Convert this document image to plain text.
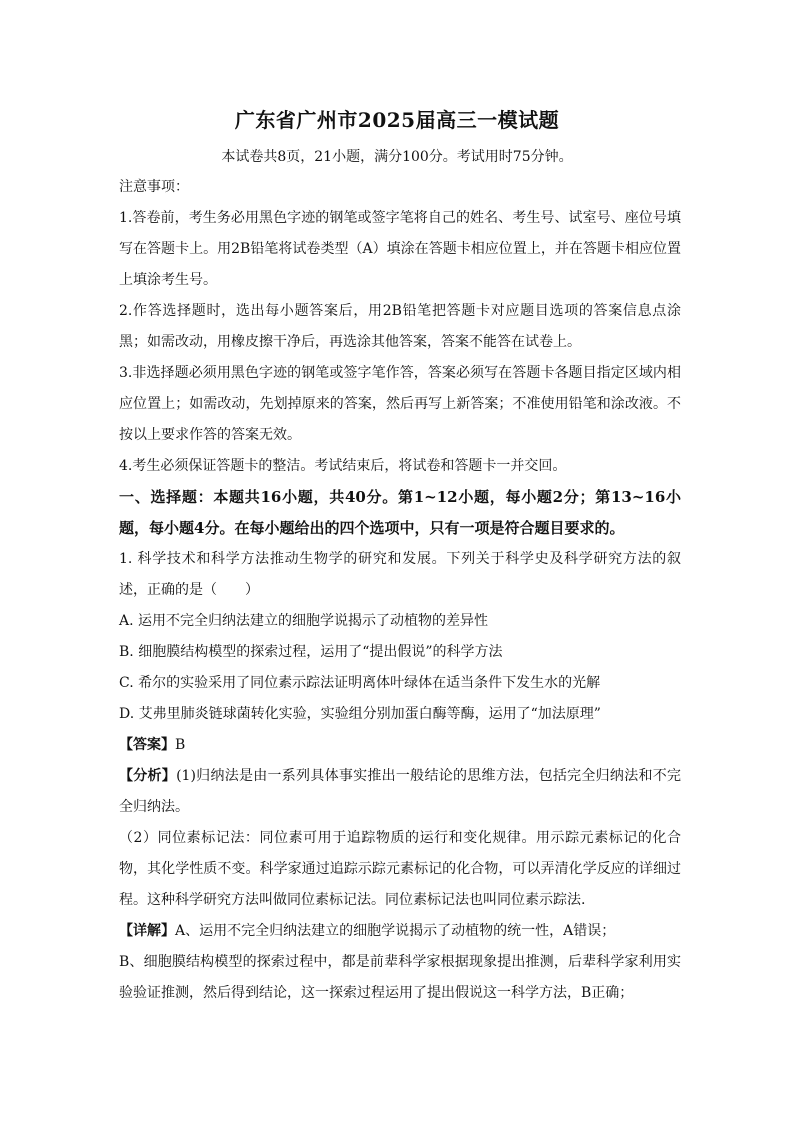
广东省广州市2025届高三一模试题
本试卷共8页，21小题，满分100分。考试用时75分钟。

注意事项：

1.答卷前，考生务必用黑色字迹的钢笔或签字笔将自己的姓名、考生号、试室号、座位号填写在答题卡上。用2B铅笔将试卷类型（A）填涂在答题卡相应位置上，并在答题卡相应位置上填涂考生号。

2.作答选择题时，选出每小题答案后，用2B铅笔把答题卡对应题目选项的答案信息点涂黑；如需改动，用橡皮擦干净后，再选涂其他答案，答案不能答在试卷上。

3.非选择题必须用黑色字迹的钢笔或签字笔作答，答案必须写在答题卡各题目指定区域内相应位置上；如需改动，先划掉原来的答案，然后再写上新答案；不准使用铅笔和涂改液。不按以上要求作答的答案无效。

4.考生必须保证答题卡的整洁。考试结束后，将试卷和答题卡一并交回。

一、选择题：本题共16小题，共40分。第1~12小题，每小题2分；第13~16小题，每小题4分。在每小题给出的四个选项中，只有一项是符合题目要求的。

1. 科学技术和科学方法推动生物学的研究和发展。下列关于科学史及科学研究方法的叙述，正确的是（　　）

A. 运用不完全归纳法建立的细胞学说揭示了动植物的差异性

B. 细胞膜结构模型的探索过程，运用了“提出假说”的科学方法

C. 希尔的实验采用了同位素示踪法证明离体叶绿体在适当条件下发生水的光解

D. 艾弗里肺炎链球菌转化实验，实验组分别加蛋白酶等酶，运用了“加法原理”

【答案】B

【分析】(1)归纳法是由一系列具体事实推出一般结论的思维方法，包括完全归纳法和不完全归纳法。

（2）同位素标记法：同位素可用于追踪物质的运行和变化规律。用示踪元素标记的化合物，其化学性质不变。科学家通过追踪示踪元素标记的化合物，可以弄清化学反应的详细过程。这种科学研究方法叫做同位素标记法。同位素标记法也叫同位素示踪法.

【详解】A、运用不完全归纳法建立的细胞学说揭示了动植物的统一性，A错误；

B、细胞膜结构模型的探索过程中，都是前辈科学家根据现象提出推测，后辈科学家利用实验验证推测，然后得到结论，这一探索过程运用了提出假说这一科学方法，B正确；
